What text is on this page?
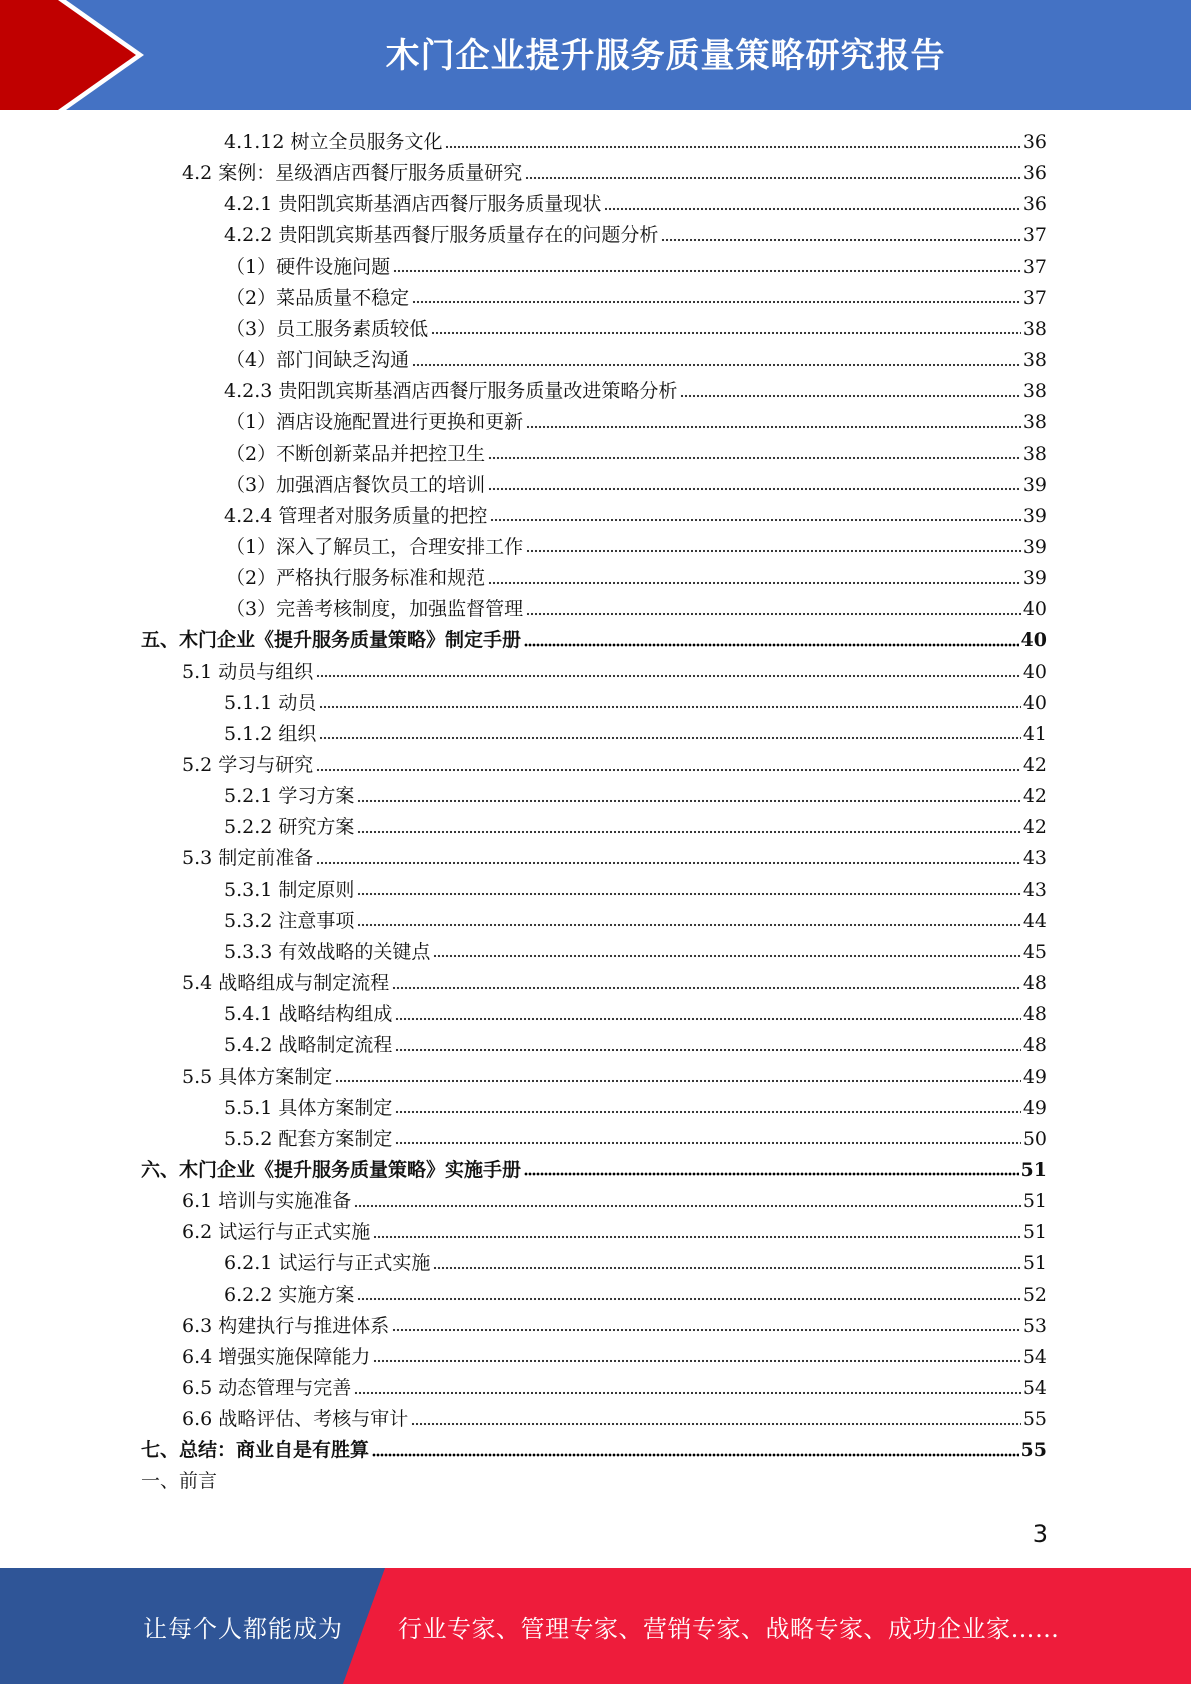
木门企业提升服务质量策略研究报告
4.1.12 树立全员服务文化	36
4.2 案例：星级酒店西餐厅服务质量研究	36
4.2.1 贵阳凯宾斯基酒店西餐厅服务质量现状	36
4.2.2 贵阳凯宾斯基西餐厅服务质量存在的问题分析	37
（1）硬件设施问题	37
（2）菜品质量不稳定	37
（3）员工服务素质较低	38
（4）部门间缺乏沟通	38
4.2.3 贵阳凯宾斯基酒店西餐厅服务质量改进策略分析	38
（1）酒店设施配置进行更换和更新	38
（2）不断创新菜品并把控卫生	38
（3）加强酒店餐饮员工的培训	39
4.2.4 管理者对服务质量的把控	39
（1）深入了解员工，合理安排工作	39
（2）严格执行服务标准和规范	39
（3）完善考核制度，加强监督管理	40
五、木门企业《提升服务质量策略》制定手册	40
5.1 动员与组织	40
5.1.1 动员	40
5.1.2 组织	41
5.2 学习与研究	42
5.2.1 学习方案	42
5.2.2 研究方案	42
5.3 制定前准备	43
5.3.1 制定原则	43
5.3.2 注意事项	44
5.3.3 有效战略的关键点	45
5.4 战略组成与制定流程	48
5.4.1 战略结构组成	48
5.4.2 战略制定流程	48
5.5 具体方案制定	49
5.5.1 具体方案制定	49
5.5.2 配套方案制定	50
六、木门企业《提升服务质量策略》实施手册	51
6.1 培训与实施准备	51
6.2 试运行与正式实施	51
6.2.1 试运行与正式实施	51
6.2.2 实施方案	52
6.3 构建执行与推进体系	53
6.4 增强实施保障能力	54
6.5 动态管理与完善	54
6.6 战略评估、考核与审计	55
七、总结：商业自是有胜算	55
一、前言
3
让每个人都能成为 行业专家、管理专家、营销专家、战略专家、成功企业家……
